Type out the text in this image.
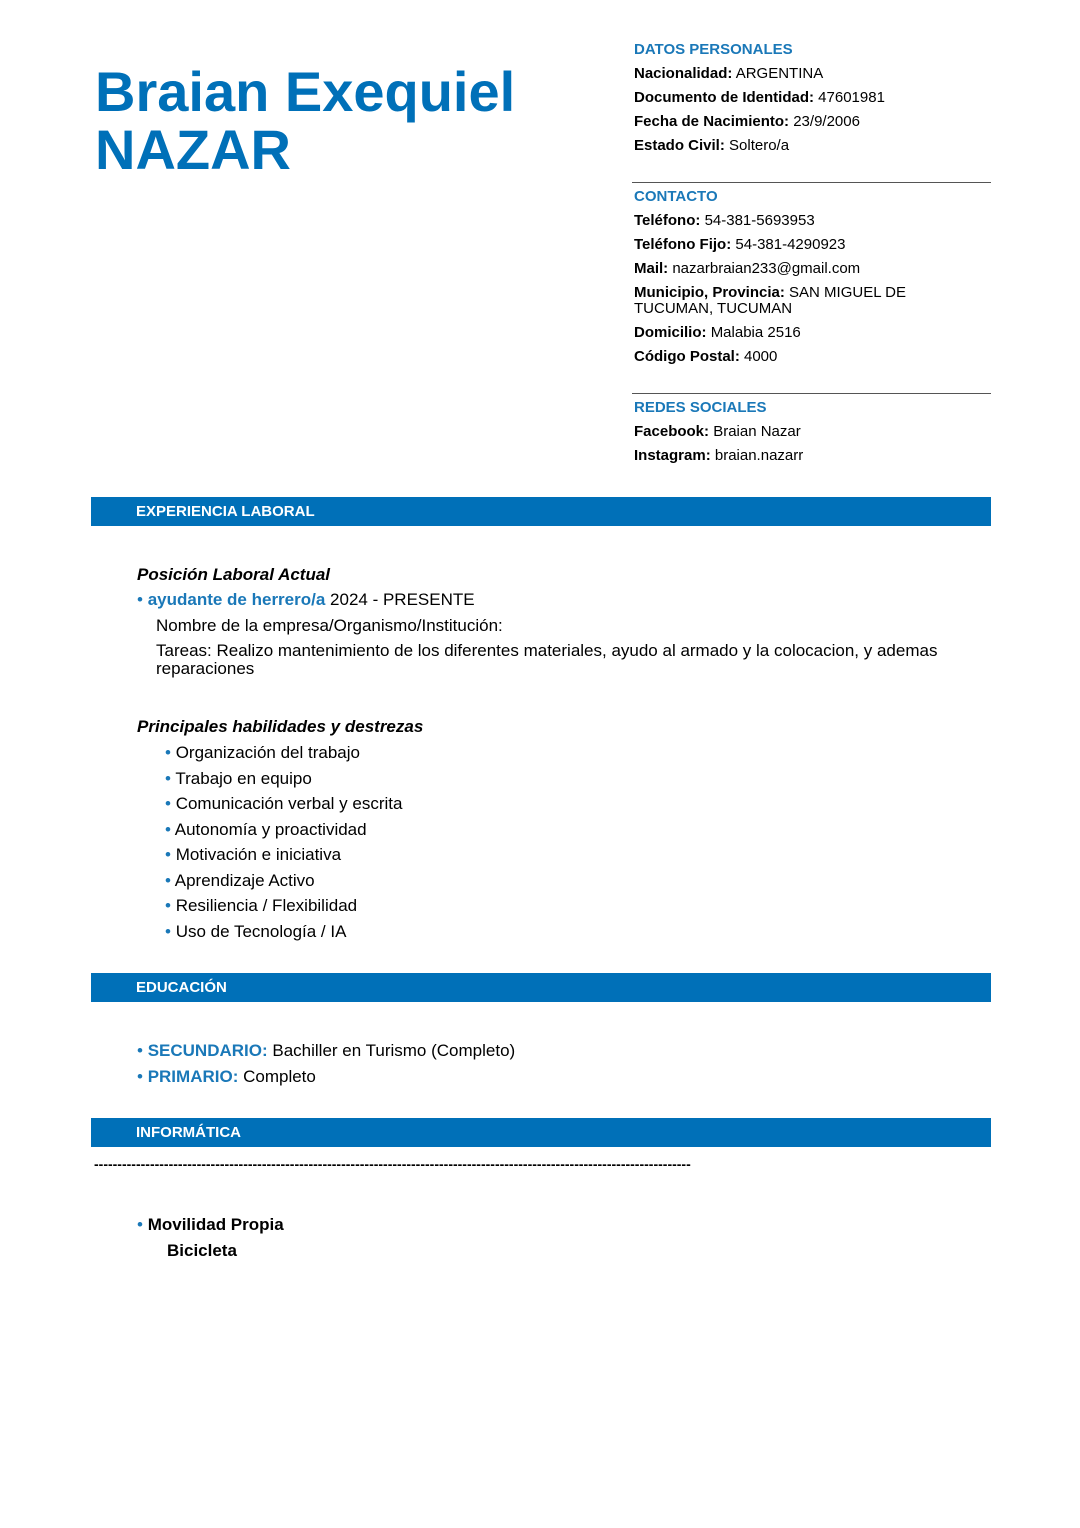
Braian Exequiel
NAZAR
DATOS PERSONALES
Nacionalidad: ARGENTINA
Documento de Identidad: 47601981
Fecha de Nacimiento: 23/9/2006
Estado Civil: Soltero/a
CONTACTO
Teléfono: 54-381-5693953
Teléfono Fijo: 54-381-4290923
Mail: nazarbraian233@gmail.com
Municipio, Provincia: SAN MIGUEL DE TUCUMAN, TUCUMAN
Domicilio: Malabia 2516
Código Postal: 4000
REDES SOCIALES
Facebook: Braian Nazar
Instagram: braian.nazarr
EXPERIENCIA LABORAL
Posición Laboral Actual
• ayudante de herrero/a 2024 - PRESENTE
Nombre de la empresa/Organismo/Institución:
Tareas: Realizo mantenimiento de los diferentes materiales, ayudo al armado y la colocacion, y ademas reparaciones
Principales habilidades y destrezas
• Organización del trabajo
• Trabajo en equipo
• Comunicación verbal y escrita
• Autonomía y proactividad
• Motivación e iniciativa
• Aprendizaje Activo
• Resiliencia / Flexibilidad
• Uso de Tecnología / IA
EDUCACIÓN
• SECUNDARIO: Bachiller en Turismo (Completo)
• PRIMARIO: Completo
INFORMÁTICA
--------------------------------------------------------------------------------------------------------------------------------
• Movilidad Propia
Bicicleta
